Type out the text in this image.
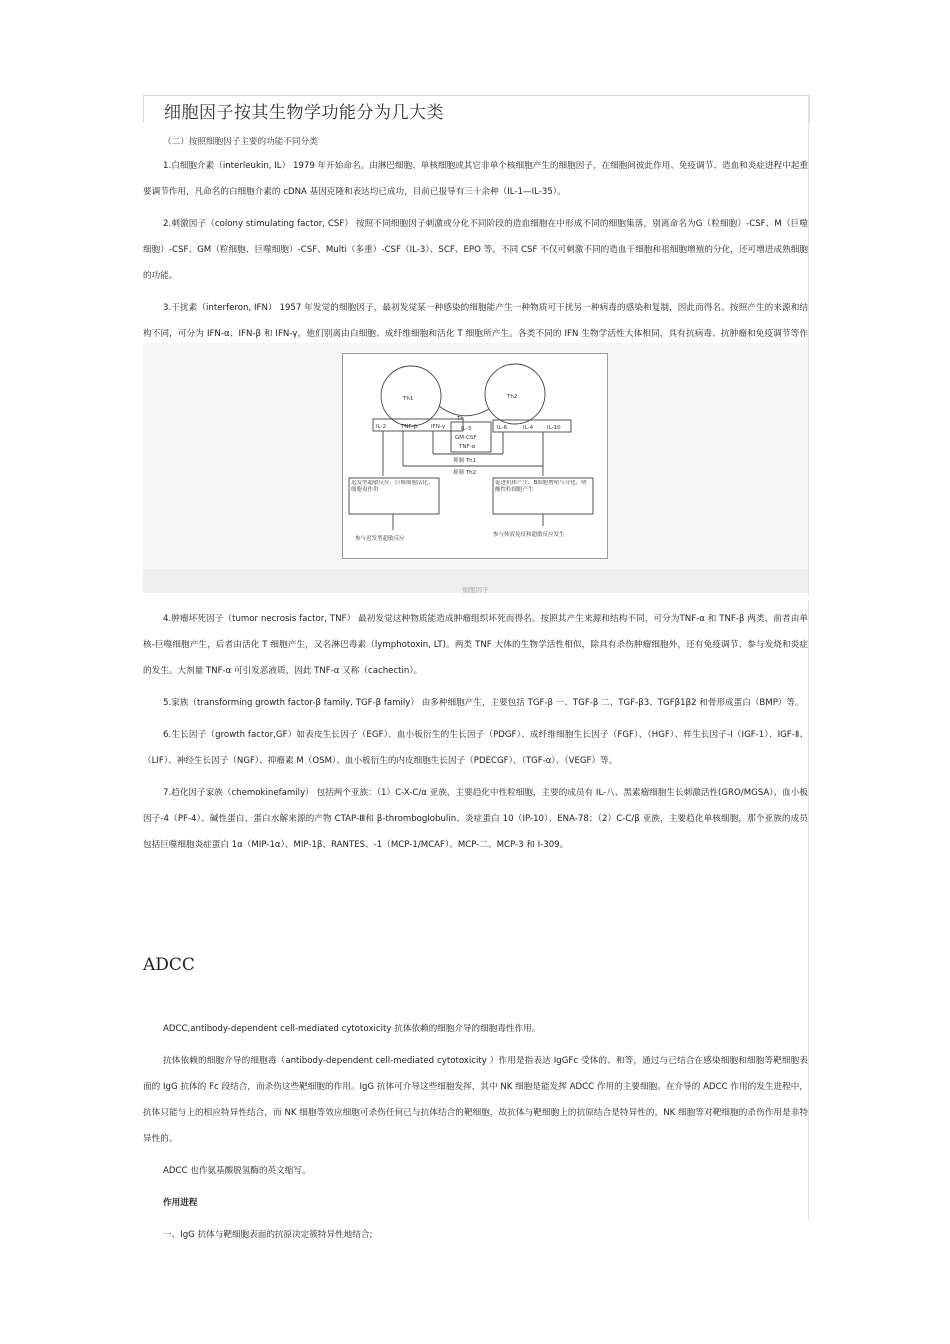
细胞因子按其生物学功能分为几大类
（二）按照细胞因子主要的功能不同分类

1.白细胞介素（interleukin, IL） 1979 年开始命名。由淋巴细胞、单核细胞或其它非单个核细胞产生的细胞因子，在细胞间彼此作用、免疫调节、造血和炎症进程中起重要调节作用，凡命名的白细胞介素的 cDNA 基因克隆和表达均已成功，目前已报导有三十余种（IL-1—IL-35）。

2.刺激因子（colony stimulating factor, CSF） 按照不同细胞因子刺激或分化不同阶段的造血细胞在中形成不同的细胞集落，别离命名为G（粒细胞）-CSF、M（巨噬细胞）-CSF、GM（粒细胞、巨噬细胞）-CSF、Multi（多重）-CSF（IL-3）、SCF、EPO 等。不同 CSF 不仅可刺激不同的造血干细胞和祖细胞增殖的分化，还可增进成熟细胞的功能。

3.干扰素（interferon, IFN） 1957 年发觉的细胞因子，最初发觉某一种感染的细胞能产生一种物质可干扰另一种病毒的感染和复制，因此而得名。按照产生的来源和结构不同，可分为 IFN-α、IFN-β 和 IFN-γ，他们别离由白细胞、成纤维细胞和活化 T 细胞所产生。各类不同的 IFN 生物学活性大体相同，具有抗病毒、抗肿瘤和免疫调节等作

Th1	Th2
Th
IL-2	TNF-β	IFN-γ	IL-3
GM-CSF
TNF-α
IL-6	IL-4	IL-10
抑制 Th1
抑制 Th2
迟发型超敏反应、巨噬细胞活化、细胞毒作用
促进抗体产生、B细胞增殖与分化、嗜酸性粒细胞产生
参与迟发型超敏反应
参与体液免疫和超敏反应发生
细胞因子

4.肿瘤坏死因子（tumor necrosis factor, TNF） 最初发觉这种物质能造成肿瘤组织坏死而得名。按照其产生来源和结构不同，可分为TNF-α 和 TNF-β 两类，前者由单核-巨噬细胞产生，后者由活化 T 细胞产生，又名淋巴毒素（lymphotoxin, LT)。两类 TNF 大体的生物学活性相似，除具有杀伤肿瘤细胞外，还有免疫调节、参与发烧和炎症的发生。大剂量 TNF-α 可引发恶液质，因此 TNF-α 又称（cachectin）。

5.家族（transforming growth factor-β family, TGF-β family） 由多种细胞产生，主要包括 TGF-β 一、TGF-β 二、TGF-β3、TGFβ1β2 和骨形成蛋白（BMP）等。

6.生长因子（growth factor,GF）如表皮生长因子（EGF）、血小板衍生的生长因子（PDGF）、成纤维细胞生长因子（FGF）、（HGF）、样生长因子-I（IGF-1）、IGF-Ⅱ、（LIF）、神经生长因子（NGF）、抑瘤素 M（OSM）、血小板衍生的内皮细胞生长因子（PDECGF）、（TGF-α）、（VEGF）等。

7.趋化因子家族（chemokinefamily） 包括两个亚族：（1）C-X-C/α 亚族，主要趋化中性粒细胞，主要的成员有 IL-八、黑素瘤细胞生长刺激活性(GRO/MGSA）、血小板因子-4（PF-4）、碱性蛋白、蛋白水解来源的产物 CTAP-Ⅲ和 β-thromboglobulin、炎症蛋白 10（IP-10）、ENA-78；（2）C-C/β 亚族，主要趋化单核细胞，那个亚族的成员包括巨噬细胞炎症蛋白 1α（MIP-1α）、MIP-1β、RANTES、-1（MCP-1/MCAF）、MCP-二、MCP-3 和 I-309。

ADCC

ADCC,antibody-dependent cell-mediated cytotoxicity 抗体依赖的细胞介导的细胞毒性作用。

抗体依赖的细胞介导的细胞毒（antibody-dependent cell-mediated cytotoxicity ）作用是指表达 IgGFc 受体的、和等，通过与已结合在感染细胞和细胞等靶细胞表面的 IgG 抗体的 Fc 段结合，而杀伤这些靶细胞的作用。IgG 抗体可介导这些细胞发挥，其中 NK 细胞是能发挥 ADCC 作用的主要细胞。在介导的 ADCC 作用的发生进程中，抗体只能与上的相应特异性结合，而 NK 细胞等效应细胞可杀伤任何已与抗体结合的靶细胞，故抗体与靶细胞上的抗原结合是特异性的，NK 细胞等对靶细胞的杀伤作用是非特异性的。

ADCC 也作氨基酸脱氢酶的英文缩写。

作用进程

一、IgG 抗体与靶细胞表面的抗原决定簇特异性地结合;
